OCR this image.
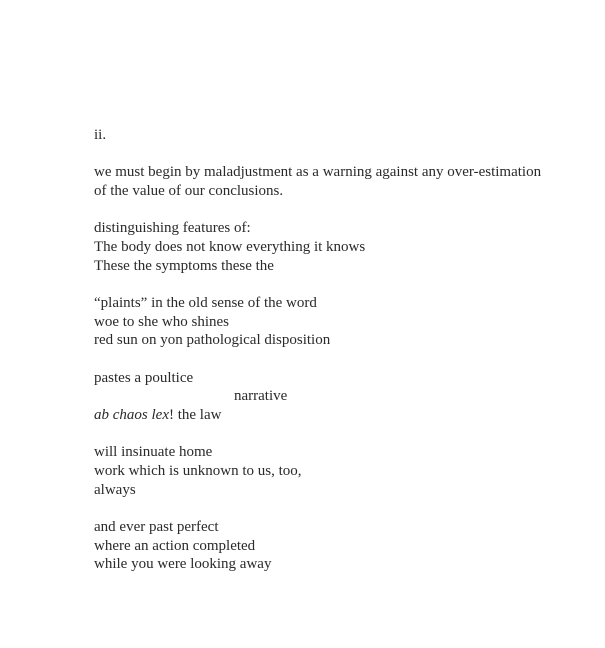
ii.
we must begin by maladjustment as a warning against any over-estimation
of the value of our conclusions.
distinguishing features of:
The body does not know everything it knows
These the symptoms these the
“plaints” in the old sense of the word
woe to she who shines
red sun on yon pathological disposition
pastes a poultice
narrative
ab chaos lex! the law
will insinuate home
work which is unknown to us, too,
always
and ever past perfect
where an action completed
while you were looking away
